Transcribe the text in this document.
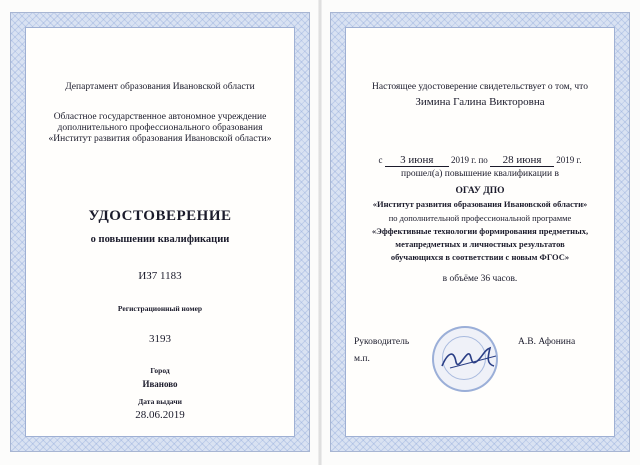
Департамент образования Ивановской области
Областное государственное автономное учреждение
дополнительного профессионального образования
«Институт развития образования Ивановской области»
УДОСТОВЕРЕНИЕ
о повышении квалификации
ИЗ7 1183
Регистрационный номер
3193
Город
Иваново
Дата выдачи
28.06.2019
Настоящее удостоверение свидетельствует о том, что
Зимина Галина Викторовна
с 3 июня 2019 г. по 28 июня 2019 г.
прошел(а) повышение квалификации в
ОГАУ ДПО
«Институт развития образования Ивановской области»
по дополнительной профессиональной программе
«Эффективные технологии формирования предметных,
метапредметных и личностных результатов
обучающихся в соответствии с новым ФГОС»
в объёме 36 часов.
Руководитель
м.п.
А.В. Афонина
